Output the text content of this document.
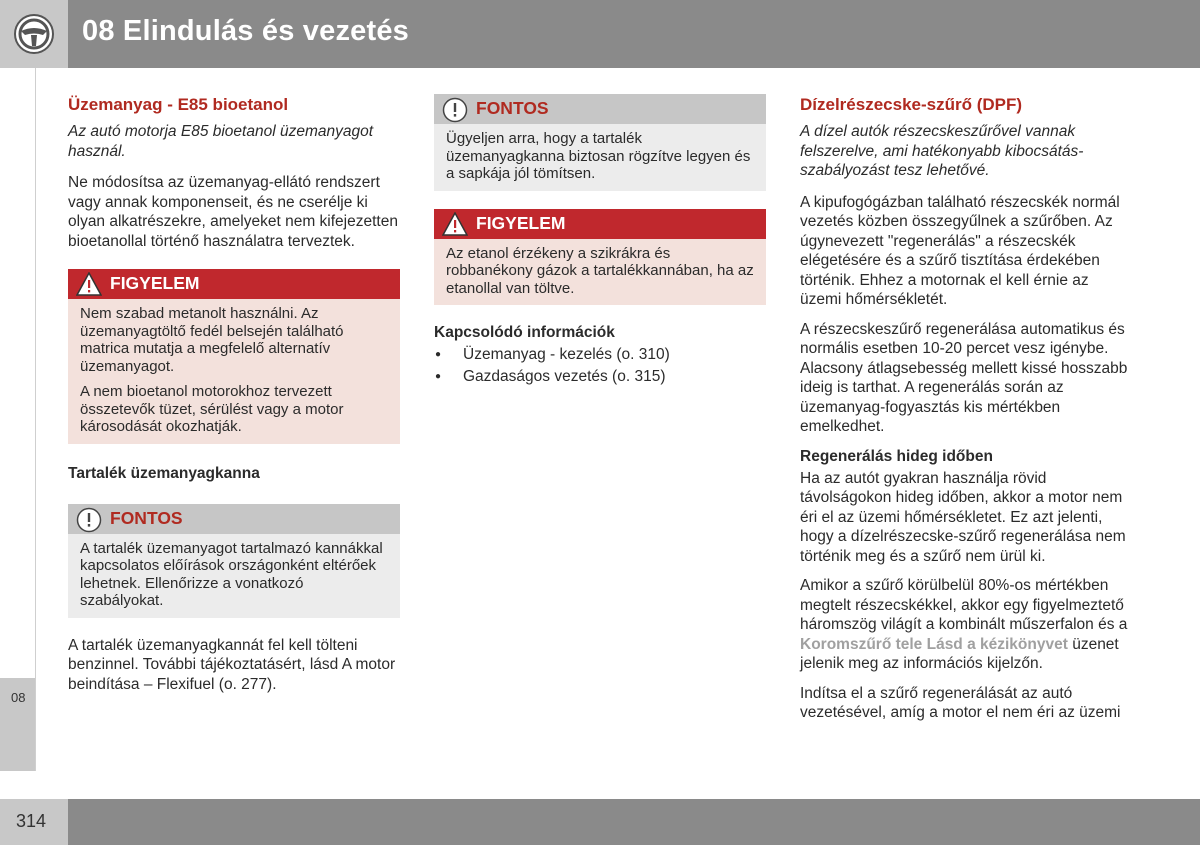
08 Elindulás és vezetés
08
314
Üzemanyag - E85 bioetanol

Az autó motorja E85 bioetanol üzemanyagot használ.

Ne módosítsa az üzemanyag-ellátó rendszert vagy annak komponenseit, és ne cserélje ki olyan alkatrészekre, amelyeket nem kifejezetten bioetanollal történő használatra terveztek.

FIGYELEM

Nem szabad metanolt használni. Az üzemanyagtöltő fedél belsején található matrica mutatja a megfelelő alternatív üzemanyagot.

A nem bioetanol motorokhoz tervezett összetevők tüzet, sérülést vagy a motor károsodását okozhatják.

Tartalék üzemanyagkanna
FONTOS

A tartalék üzemanyagot tartalmazó kannákkal kapcsolatos előírások országonként eltérőek lehetnek. Ellenőrizze a vonatkozó szabályokat.

A tartalék üzemanyagkannát fel kell tölteni benzinnel. További tájékoztatásért, lásd A motor beindítása – Flexifuel (o. 277).

FONTOS

Ügyeljen arra, hogy a tartalék üzemanyagkanna biztosan rögzítve legyen és a sapkája jól tömítsen.

FIGYELEM

Az etanol érzékeny a szikrákra és robbanékony gázok a tartalékkannában, ha az etanollal van töltve.

Kapcsolódó információk
● Üzemanyag - kezelés (o. 310)
● Gazdaságos vezetés (o. 315)
Dízelrészecske-szűrő (DPF)

A dízel autók részecskeszűrővel vannak felszerelve, ami hatékonyabb kibocsátás-szabályozást tesz lehetővé.

A kipufogógázban található részecskék normál vezetés közben összegyűlnek a szűrőben. Az úgynevezett "regenerálás" a részecskék elégetésére és a szűrő tisztítása érdekében történik. Ehhez a motornak el kell érnie az üzemi hőmérsékletét.

A részecskeszűrő regenerálása automatikus és normális esetben 10-20 percet vesz igénybe. Alacsony átlagsebesség mellett kissé hosszabb ideig is tarthat. A regenerálás során az üzemanyag-fogyasztás kis mértékben emelkedhet.

Regenerálás hideg időben

Ha az autót gyakran használja rövid távolságokon hideg időben, akkor a motor nem éri el az üzemi hőmérsékletet. Ez azt jelenti, hogy a dízelrészecske-szűrő regenerálása nem történik meg és a szűrő nem ürül ki.

Amikor a szűrő körülbelül 80%-os mértékben megtelt részecskékkel, akkor egy figyelmeztető háromszög világít a kombinált műszerfalon és a Koromszűrő tele Lásd a kézikönyvet üzenet jelenik meg az információs kijelzőn.

Indítsa el a szűrő regenerálását az autó vezetésével, amíg a motor el nem éri az üzemi
